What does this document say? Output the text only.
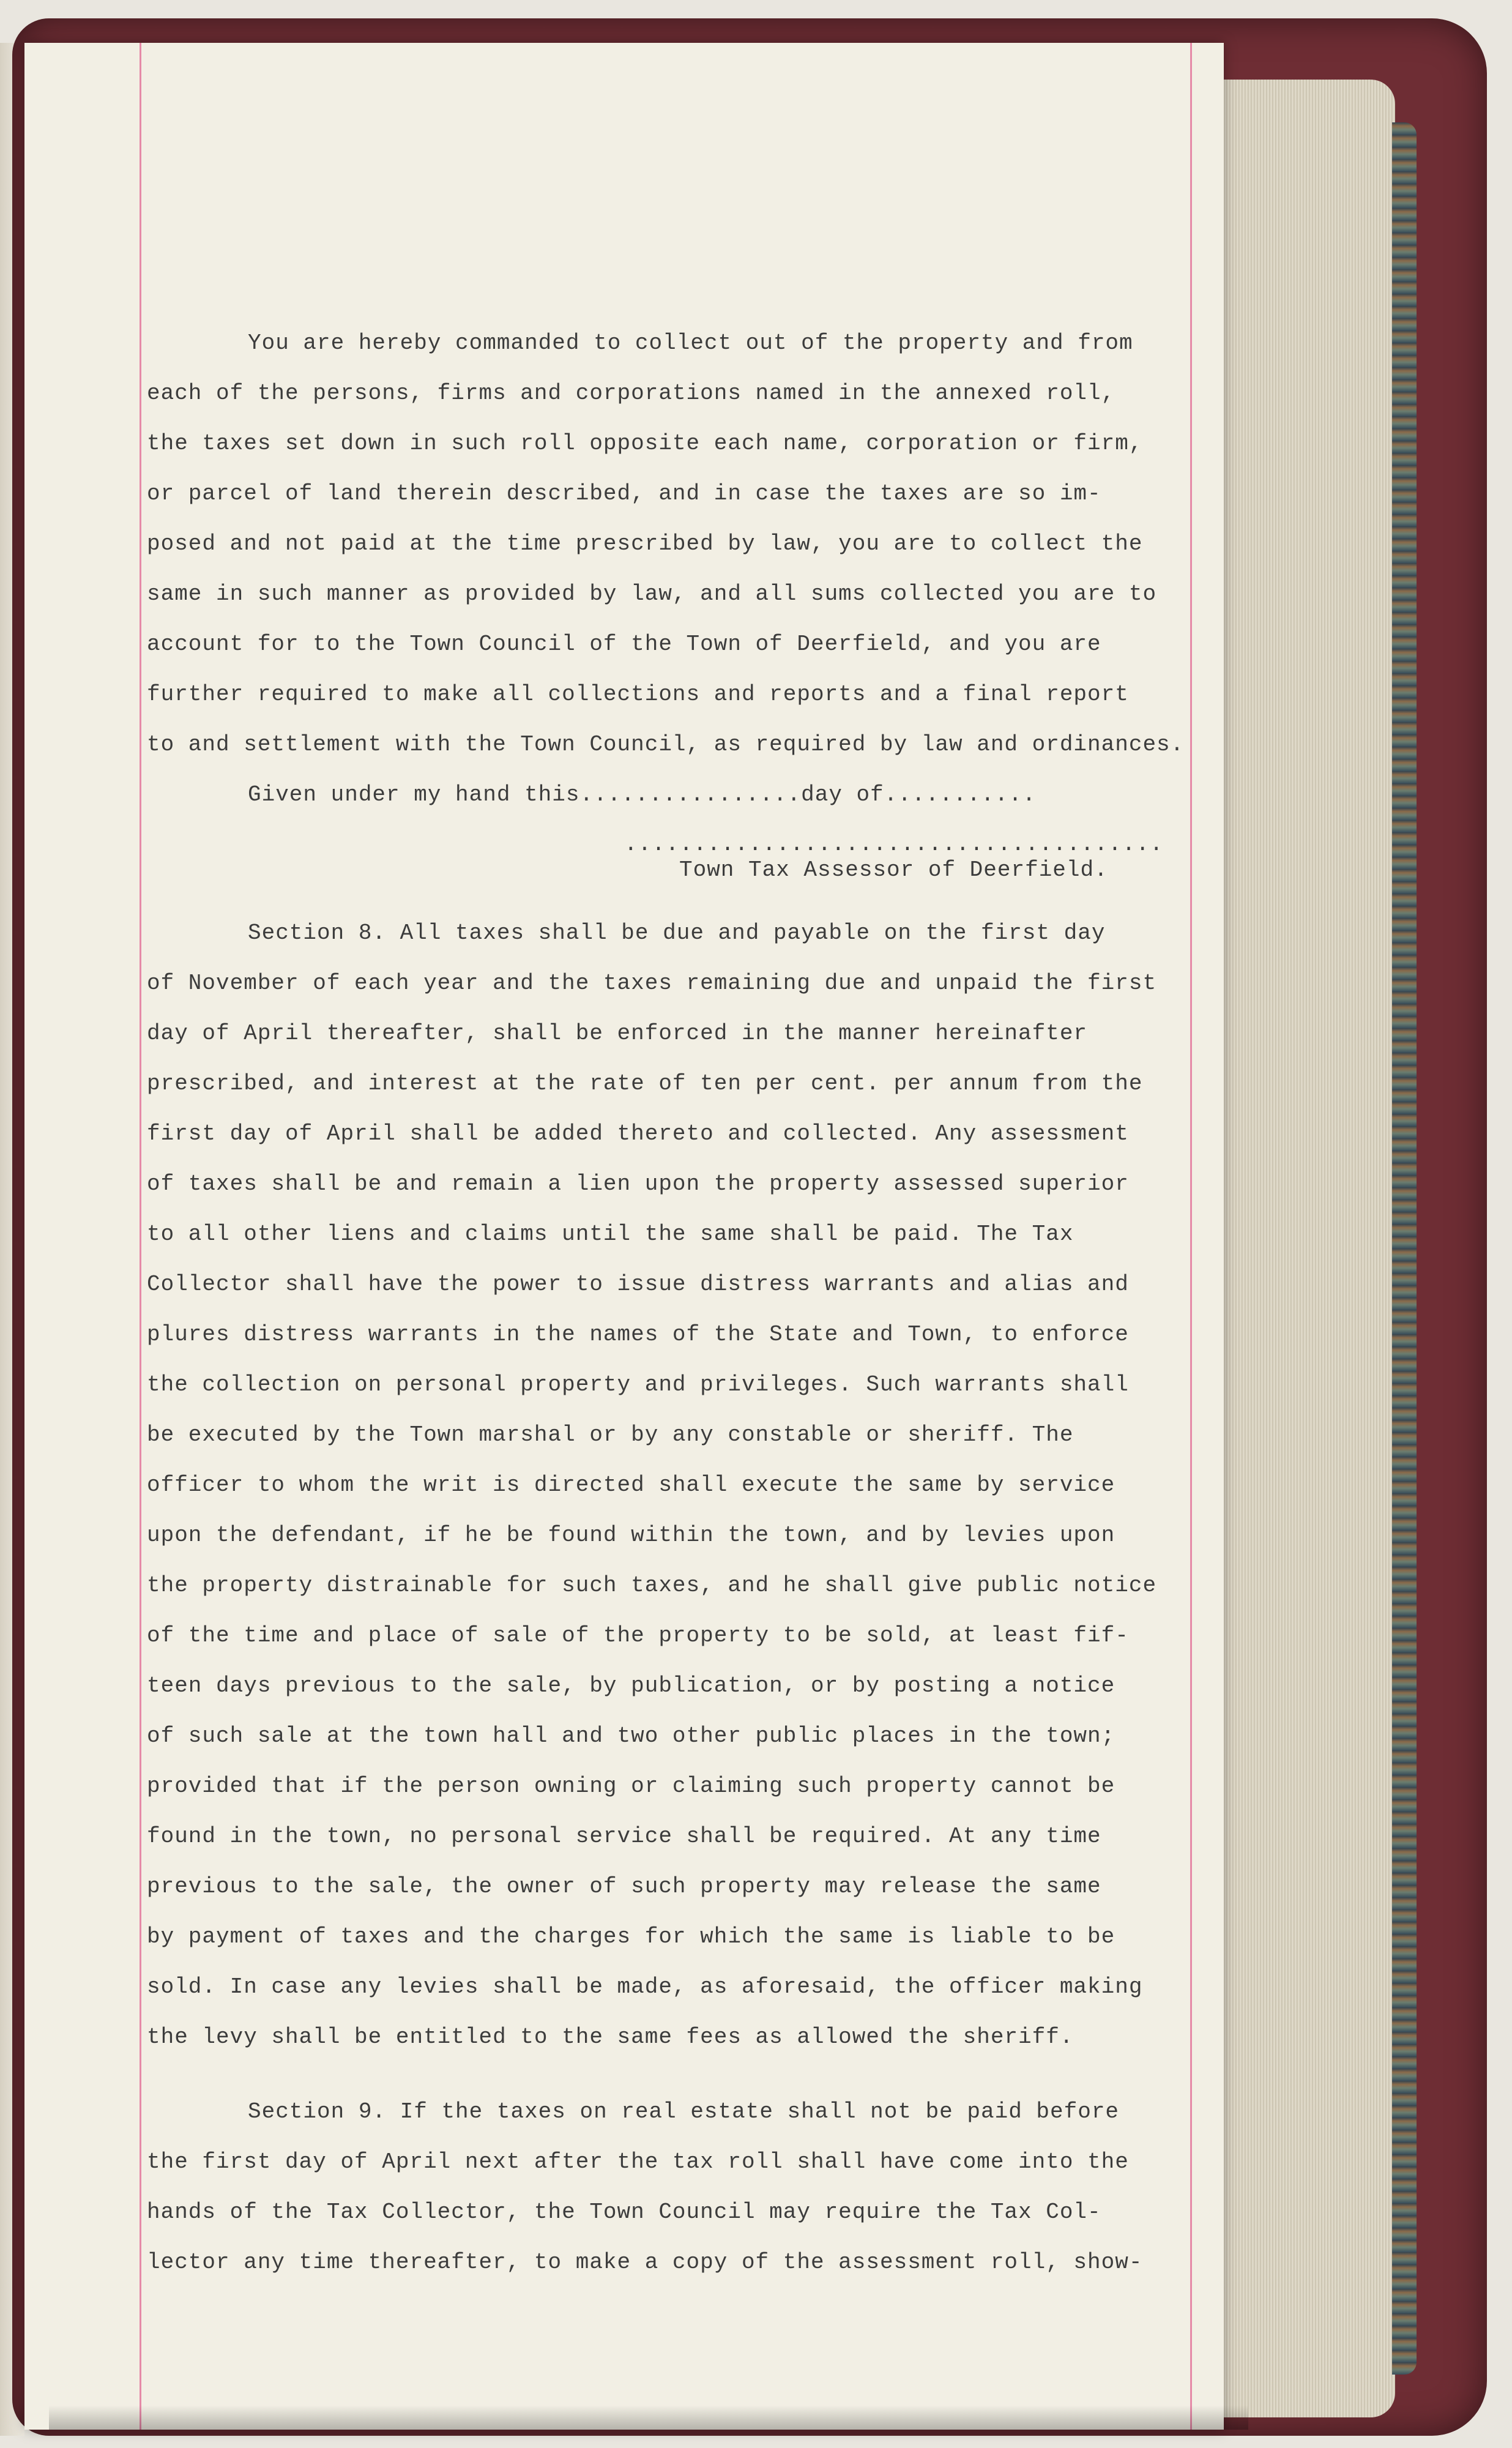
You are hereby commanded to collect out of the property and from

each of the persons, firms and corporations named in the annexed roll,

the taxes set down in such roll opposite each name, corporation or firm,

or parcel of land therein described, and in case the taxes are so im-

posed and not paid at the time prescribed by law, you are to collect the

same in such manner as provided by law, and all sums collected you are to

account for to the Town Council of the Town of Deerfield, and you are

further required to make all collections and reports and a final report

to and settlement with the Town Council, as required by law and ordinances.

Given under my hand this................day of...........

.......................................

Town Tax Assessor of Deerfield.

Section 8. All taxes shall be due and payable on the first day

of November of each year and the taxes remaining due and unpaid the first

day of April thereafter, shall be enforced in the manner hereinafter

prescribed, and interest at the rate of ten per cent. per annum from the

first day of April shall be added thereto and collected. Any assessment

of taxes shall be and remain a lien upon the property assessed superior

to all other liens and claims until the same shall be paid. The Tax

Collector shall have the power to issue distress warrants and alias and

plures distress warrants in the names of the State and Town, to enforce

the collection on personal property and privileges. Such warrants shall

be executed by the Town marshal or by any constable or sheriff. The

officer to whom the writ is directed shall execute the same by service

upon the defendant, if he be found within the town, and by levies upon

the property distrainable for such taxes, and he shall give public notice

of the time and place of sale of the property to be sold, at least fif-

teen days previous to the sale, by publication, or by posting a notice

of such sale at the town hall and two other public places in the town;

provided that if the person owning or claiming such property cannot be

found in the town, no personal service shall be required. At any time

previous to the sale, the owner of such property may release the same

by payment of taxes and the charges for which the same is liable to be

sold. In case any levies shall be made, as aforesaid, the officer making

the levy shall be entitled to the same fees as allowed the sheriff.

Section 9. If the taxes on real estate shall not be paid before

the first day of April next after the tax roll shall have come into the

hands of the Tax Collector, the Town Council may require the Tax Col-

lector any time thereafter, to make a copy of the assessment roll, show-
